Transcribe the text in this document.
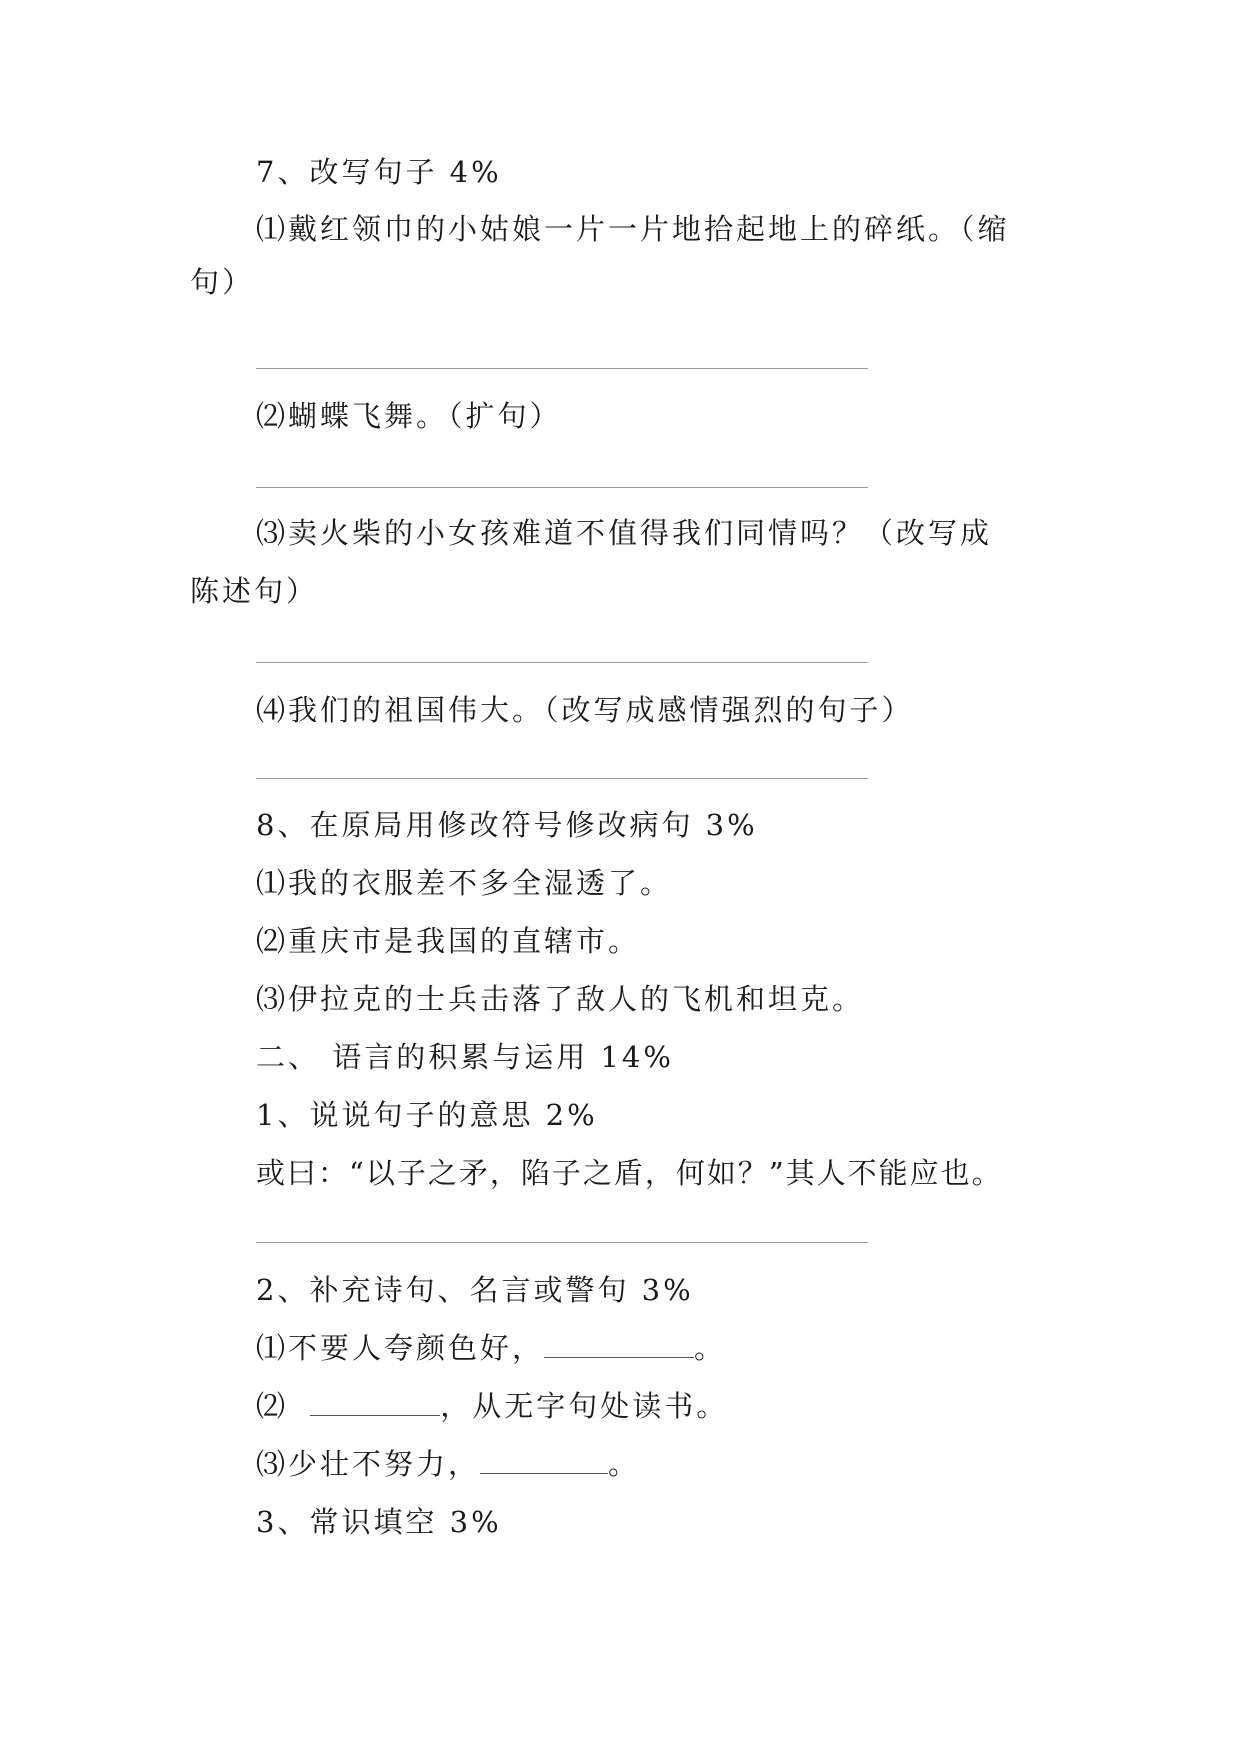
7、改写句子 4%
⑴戴红领巾的小姑娘一片一片地拾起地上的碎纸。（缩
句）
⑵蝴蝶飞舞。（扩句）
⑶卖火柴的小女孩难道不值得我们同情吗？（改写成
陈述句）
⑷我们的祖国伟大。（改写成感情强烈的句子）
8、在原局用修改符号修改病句 3%
⑴我的衣服差不多全湿透了。
⑵重庆市是我国的直辖市。
⑶伊拉克的士兵击落了敌人的飞机和坦克。
二、 语言的积累与运用 14%
1、说说句子的意思 2%
或曰：“以子之矛，陷子之盾，何如？”其人不能应也。
2、补充诗句、名言或警句 3%
⑴不要人夸颜色好，	。
⑵	，从无字句处读书。
⑶少壮不努力，	。
3、常识填空 3%
